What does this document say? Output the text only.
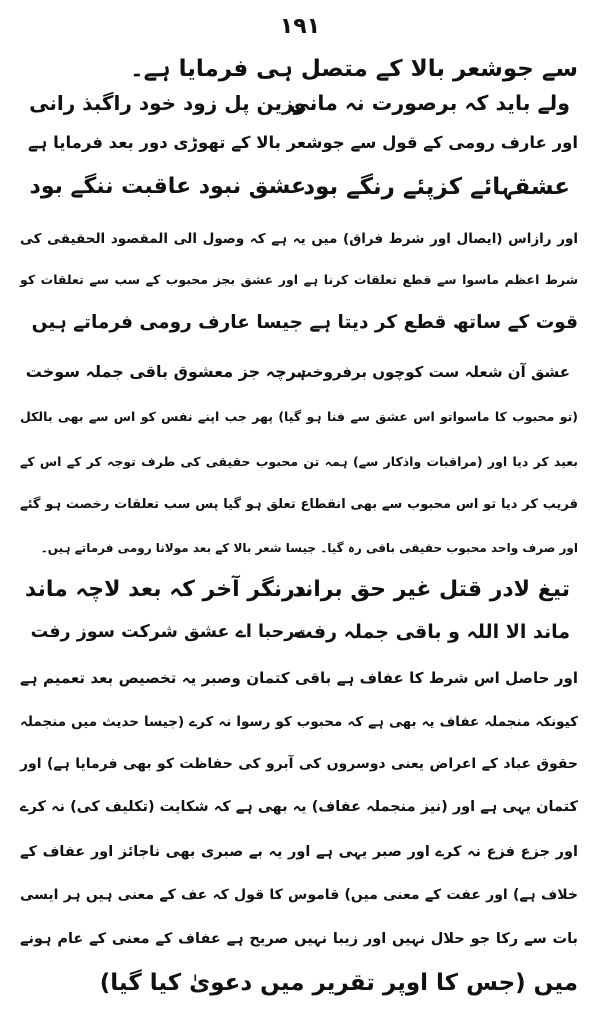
۱۹۱
سے جوشعر بالا کے متصل ہی فرمایا ہے۔
ولے باید کہ برصورت نہ مانی
وزین پل زود خود راگبذ رانی
اور عارف رومی کے قول سے جوشعر بالا کے تھوڑی دور بعد فرمایا ہے
عشقہائے کزپئے رنگے بود
عشق نبود عاقبت ننگے بود
اور رازاس (ایصال اور شرط فراق) میں یہ ہے کہ وصول الی المقصود الحقیقی کی
شرط اعظم ماسوا سے قطع تعلقات کرنا ہے اور عشق بجز محبوب کے سب سے تعلقات کو
قوت کے ساتھ قطع کر دیتا ہے جیسا عارف رومی فرماتے ہیں
عشق آن شعلہ ست کوچوں برفروخت
ہرچہ جز معشوق باقی جملہ سوخت
(تو محبوب کا ماسواتو اس عشق سے فنا ہو گیا) پھر جب اپنے نفس کو اس سے بھی بالکل
بعید کر دیا اور (مراقبات واذکار سے) ہمہ تن محبوب حقیقی کی طرف توجہ کر کے اس کے
قریب کر دیا تو اس محبوب سے بھی انقطاع تعلق ہو گیا پس سب تعلقات رخصت ہو گئے
اور صرف واحد محبوب حقیقی باقی رہ گیا۔ جیسا شعر بالا کے بعد مولانا رومی فرماتے ہیں۔
تیغ لادر قتل غیر حق براند
درنگر آخر کہ بعد لاچہ ماند
ماند الا اللہ و باقی جملہ رفت
مرحبا اے عشق شرکت سوز رفت
اور حاصل اس شرط کا عفاف ہے باقی کتمان وصبر یہ تخصیص بعد تعمیم ہے
کیونکہ منجملہ عفاف یہ بھی ہے کہ محبوب کو رسوا نہ کرے (جیسا حدیث میں منجملہ
حقوق عباد کے اعراض یعنی دوسروں کی آبرو کی حفاظت کو بھی فرمایا ہے) اور
کتمان یہی ہے اور (نیز منجملہ عفاف) یہ بھی ہے کہ شکایت (تکلیف کی) نہ کرے
اور جزع فزع نہ کرے اور صبر یہی ہے اور یہ بے صبری بھی ناجائز اور عفاف کے
خلاف ہے) اور عفت کے معنی میں) قاموس کا قول کہ عف کے معنی ہیں ہر ایسی
بات سے رکا جو حلال نہیں اور زیبا نہیں صریح ہے عفاف کے معنی کے عام ہونے
میں (جس کا اوپر تقریر میں دعویٰ کیا گیا)
